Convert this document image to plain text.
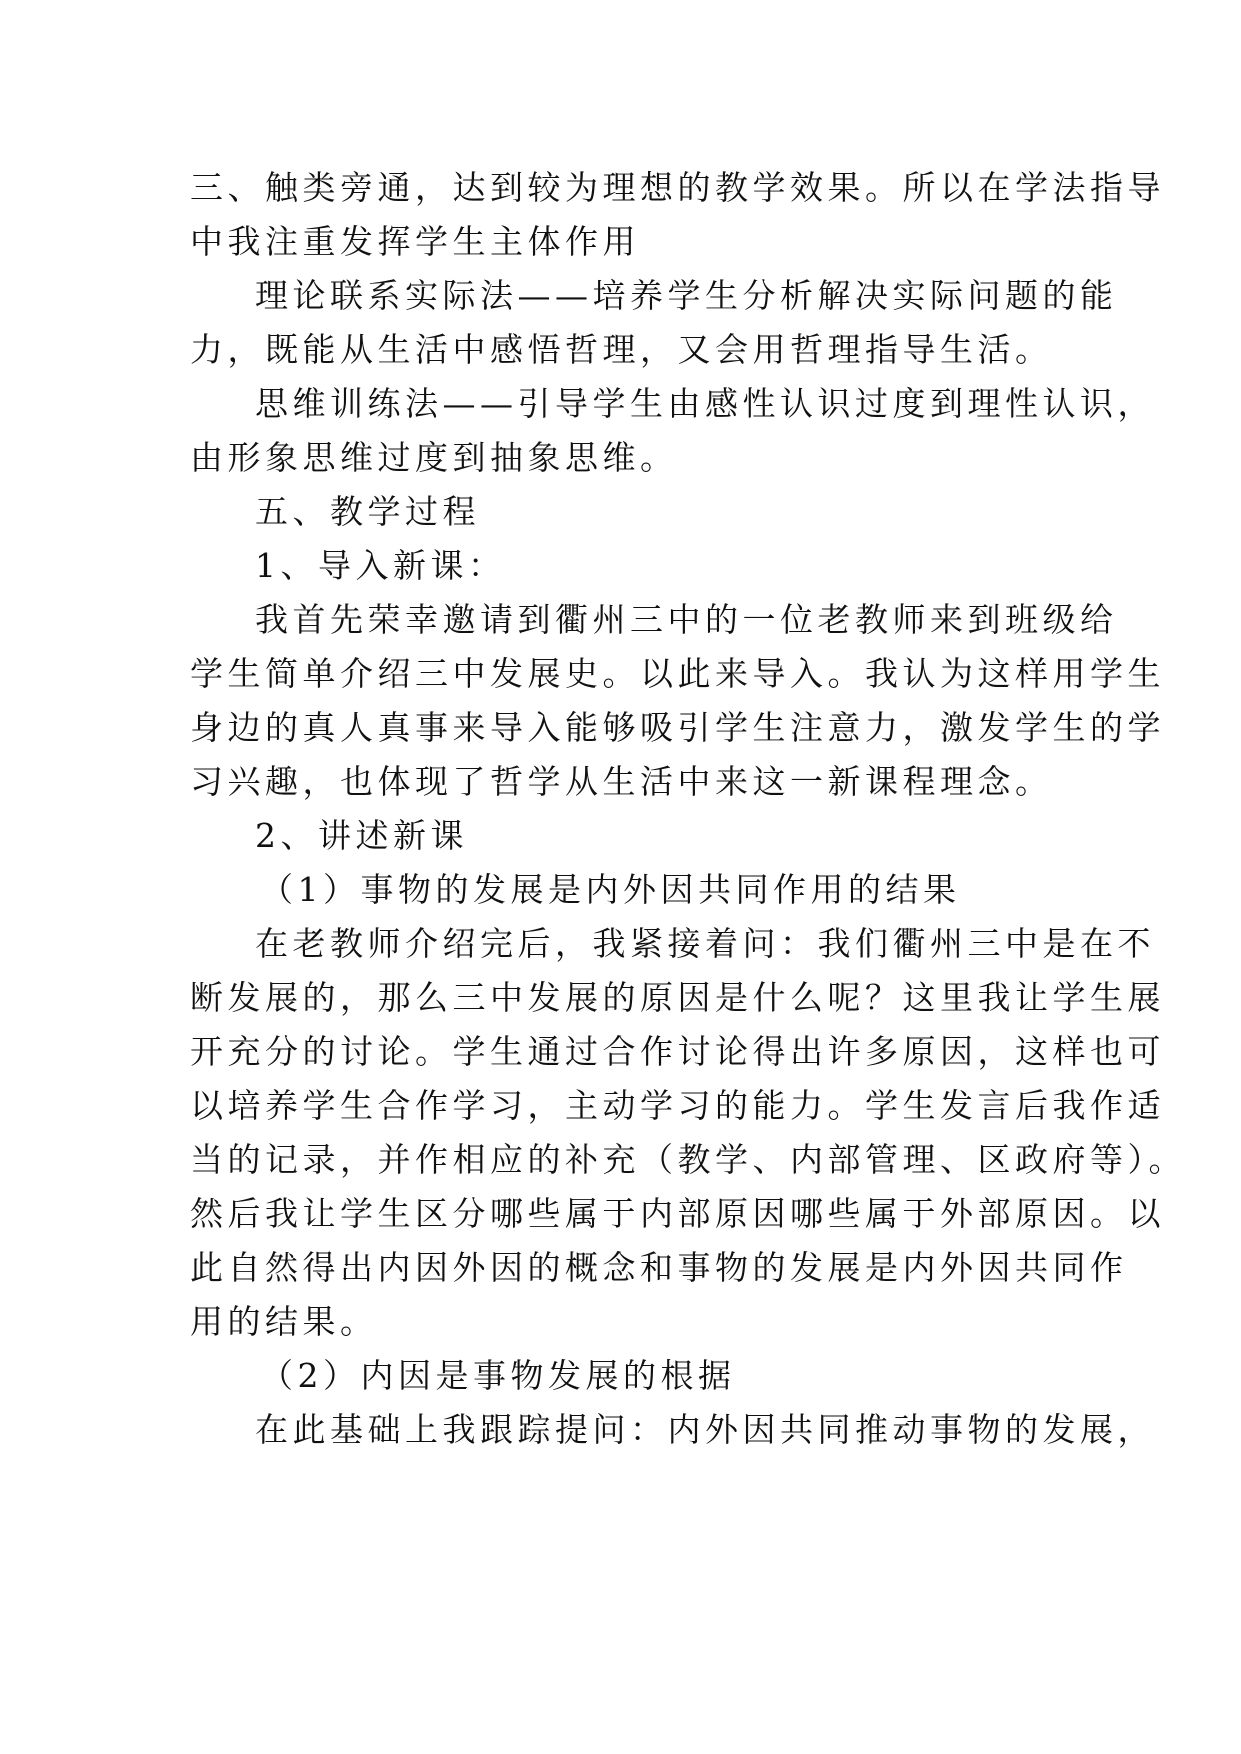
三、触类旁通，达到较为理想的教学效果。所以在学法指导
中我注重发挥学生主体作用
理论联系实际法——培养学生分析解决实际问题的能
力，既能从生活中感悟哲理，又会用哲理指导生活。
思维训练法——引导学生由感性认识过度到理性认识，
由形象思维过度到抽象思维。
五、教学过程
1、导入新课：
我首先荣幸邀请到衢州三中的一位老教师来到班级给
学生简单介绍三中发展史。以此来导入。我认为这样用学生
身边的真人真事来导入能够吸引学生注意力，激发学生的学
习兴趣，也体现了哲学从生活中来这一新课程理念。
2、讲述新课
（1）事物的发展是内外因共同作用的结果
在老教师介绍完后，我紧接着问：我们衢州三中是在不
断发展的，那么三中发展的原因是什么呢？这里我让学生展
开充分的讨论。学生通过合作讨论得出许多原因，这样也可
以培养学生合作学习，主动学习的能力。学生发言后我作适
当的记录，并作相应的补充（教学、内部管理、区政府等）。
然后我让学生区分哪些属于内部原因哪些属于外部原因。以
此自然得出内因外因的概念和事物的发展是内外因共同作
用的结果。
（2）内因是事物发展的根据
在此基础上我跟踪提问：内外因共同推动事物的发展，
